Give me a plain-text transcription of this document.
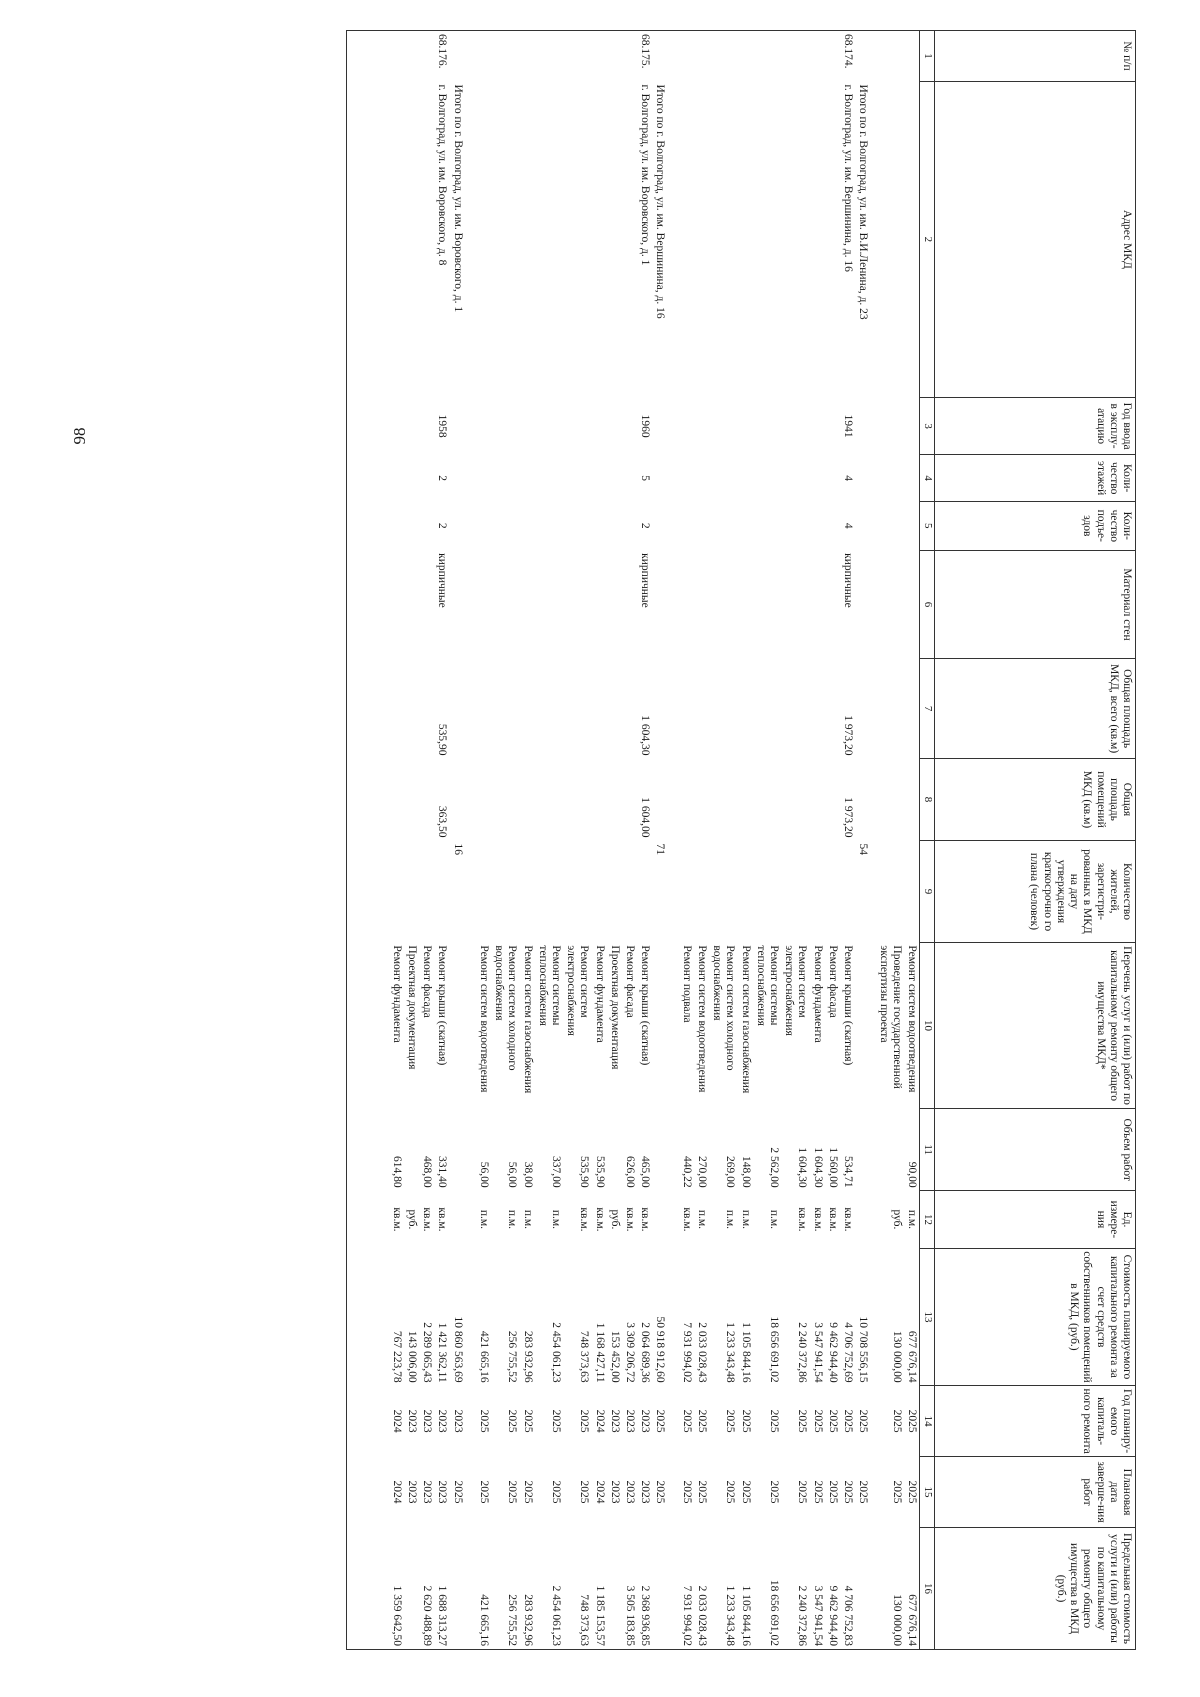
98
№ п/п	Адрес МКД	Год ввода в эксплу-атацию	Коли-чество этажей	Коли-чество подъе-здов	Материал стен	Общая площадь МКД, всего (кв.м)	Общая площадь помещений МКД (кв.м)	Количество жителей, зарегистри-рованных в МКД на дату утверждения краткосрочно го плана (человек)	Перечень услуг и (или) работ по капитальному ремонту общего имущества МКД*	Объем работ	Ед. измере-ния	Стоимость планируемого капитального ремонта за счет средств собственников помещений в МКД, (руб.)	Год планиру-емого капиталь-ного ремонта	Плановая дата заверше-ния работ	Предельная стоимость услуги и (или) работы по капитальному ремонту общего имущества в МКД (руб.)
1	2	3	4	5	6	7	8	9	10	11	12	13	14	15	16
									Ремонт систем водоотведения	90,00	п.м.	677 676,14	2025	2025	677 676,14
									Проведение государственной экспертизы проекта		руб.	130 000,00	2025	2025	130 000,00
	Итого по г. Волгоград, ул. им. В.И.Ленина, д. 23							54				10 708 556,15	2025	2025	
68.174.	г. Волгоград, ул. им. Вершинина, д. 16	1941	4	4	кирпичные	1 973,20	1 973,20		Ремонт крыши (скатная)	534,71	кв.м.	4 706 752,69	2025	2025	4 706 752,83
									Ремонт фасада	1 560,00	кв.м.	9 462 944,40	2025	2025	9 462 944,40
									Ремонт фундамента	1 604,30	кв.м.	3 547 941,54	2025	2025	3 547 941,54
									Ремонт систем электроснабжения	1 604,30	кв.м.	2 240 372,86	2025	2025	2 240 372,86
									Ремонт системы теплоснабжения	2 562,00	п.м.	18 656 691,02	2025	2025	18 656 691,02
									Ремонт систем газоснабжения	148,00	п.м.	1 105 844,16	2025	2025	1 105 844,16
									Ремонт систем холодного водоснабжения	269,00	п.м.	1 233 343,48	2025	2025	1 233 343,48
									Ремонт систем водоотведения	270,00	п.м.	2 033 028,43	2025	2025	2 033 028,43
									Ремонт подвала	440,22	кв.м.	7 931 994,02	2025	2025	7 931 994,02

	Итого по г. Волгоград, ул. им. Вершинина, д. 16							71				50 918 912,60	2025	2025	
68.175.	г. Волгоград, ул. им. Воровского, д. 1	1960	5	2	кирпичные	1 604,30	1 604,00		Ремонт крыши (скатная)	465,00	кв.м.	2 064 689,36	2023	2023	2 368 936,85
									Ремонт фасада	626,00	кв.м.	3 309 206,72	2023	2023	3 505 183,85
									Проектная документация		руб.	153 452,00	2023	2023	
									Ремонт фундамента	535,90	кв.м.	1 168 427,11	2024	2024	1 185 153,57
									Ремонт систем электроснабжения	535,90	кв.м.	748 373,63	2025	2025	748 373,63
									Ремонт системы теплоснабжения	337,00	п.м.	2 454 061,23	2025	2025	2 454 061,23
									Ремонт систем газоснабжения	38,00	п.м.	283 932,96	2025	2025	283 932,96
									Ремонт систем холодного водоснабжения	56,00	п.м.	256 755,52	2025	2025	256 755,52
									Ремонт систем водоотведения	56,00	п.м.	421 665,16	2025	2025	421 665,16

	Итого по г. Волгоград, ул. им. Воровского, д. 1							16				10 860 563,69	2023	2025	
68.176.	г. Волгоград, ул. им. Воровского, д. 8	1958	2	2	кирпичные	535,90	363,50		Ремонт крыши (скатная)	331,40	кв.м.	1 421 362,11	2023	2023	1 688 313,27
									Ремонт фасада	468,00	кв.м.	2 289 065,43	2023	2023	2 620 488,89
									Проектная документация		руб.	143 006,00	2023	2023	
									Ремонт фундамента	614,80	кв.м.	767 223,78	2024	2024	1 359 642,50
